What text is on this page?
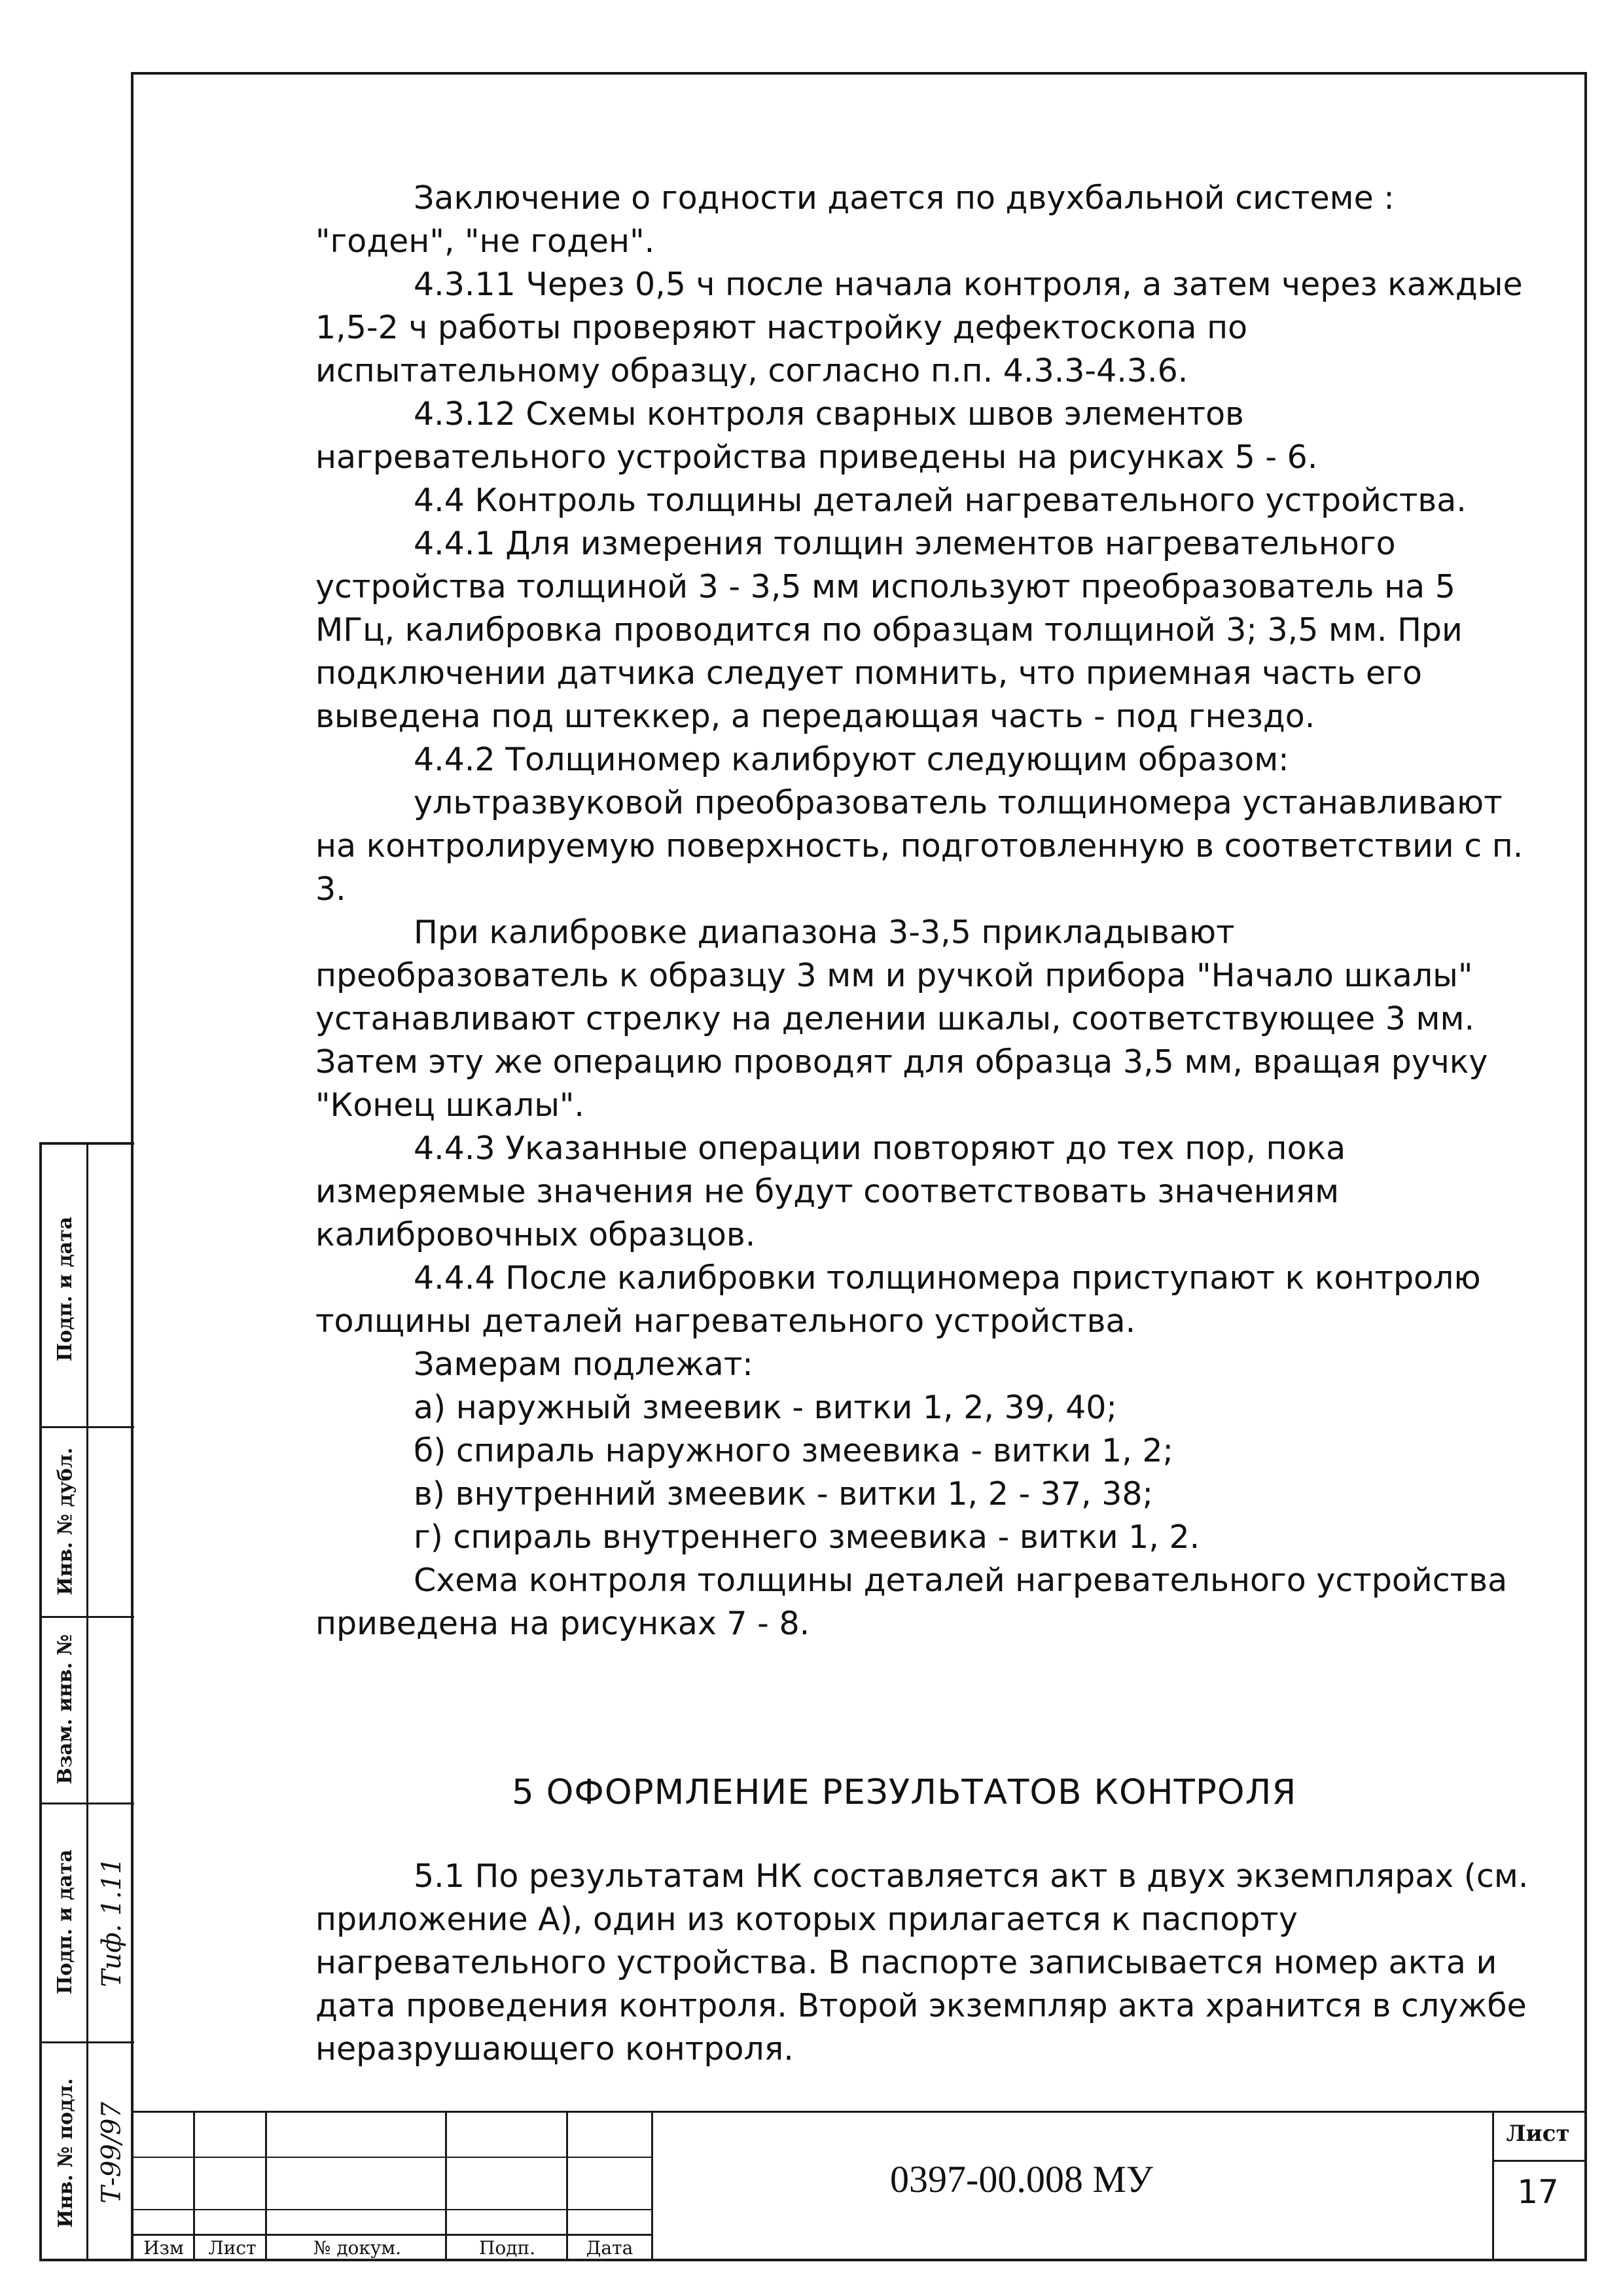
Заключение о годности дается по двухбальной системе : "годен", "не годен".

4.3.11 Через 0,5 ч после начала контроля, а затем через каждые 1,5-2 ч работы проверяют настройку дефектоскопа по испытательному образцу, согласно п.п. 4.3.3-4.3.6.

4.3.12 Схемы контроля сварных швов элементов нагревательного устройства приведены на рисунках 5 - 6.

4.4 Контроль толщины деталей нагревательного устройства.

4.4.1 Для измерения толщин элементов нагревательного устройства толщиной 3 - 3,5 мм используют преобразователь на 5 МГц, калибровка проводится по образцам толщиной 3; 3,5 мм. При подключении датчика следует помнить, что приемная часть его выведена под штеккер, а передающая часть - под гнездо.

4.4.2 Толщиномер калибруют следующим образом:

ультразвуковой преобразователь толщиномера устанавливают на контролируемую поверхность, подготовленную в соответствии с п. 3.

При калибровке диапазона 3-3,5 прикладывают преобразователь к образцу 3 мм и ручкой прибора "Начало шкалы" устанавливают стрелку на делении шкалы, соответствующее 3 мм. Затем эту же операцию проводят для образца 3,5 мм, вращая ручку "Конец шкалы".

4.4.3 Указанные операции повторяют до тех пор, пока измеряемые значения не будут соответствовать значениям калибровочных образцов.

4.4.4 После калибровки толщиномера приступают к контролю толщины деталей нагревательного устройства.

Замерам подлежат:

а) наружный змеевик - витки 1, 2, 39, 40;

б) спираль наружного змеевика - витки 1, 2;

в) внутренний змеевик - витки 1, 2 - 37, 38;

г) спираль внутреннего змеевика - витки 1, 2.

Схема контроля толщины деталей нагревательного устройства приведена на рисунках 7 - 8.

5 ОФОРМЛЕНИЕ РЕЗУЛЬТАТОВ КОНТРОЛЯ

5.1 По результатам НК составляется акт в двух экземплярах (см. приложение А), один из которых прилагается к паспорту нагревательного устройства. В паспорте записывается номер акта и дата проведения контроля. Второй экземпляр акта хранится в службе неразрушающего контроля.

Подп. и дата
Инв. № дубл.
Взам. инв. №
Подп. и дата
Инв. № подл.
Тиф. 1.11
Т-99/97
Изм	Лист	№ докум.	Подп.	Дата
0397-00.008 МУ
Лист
17
